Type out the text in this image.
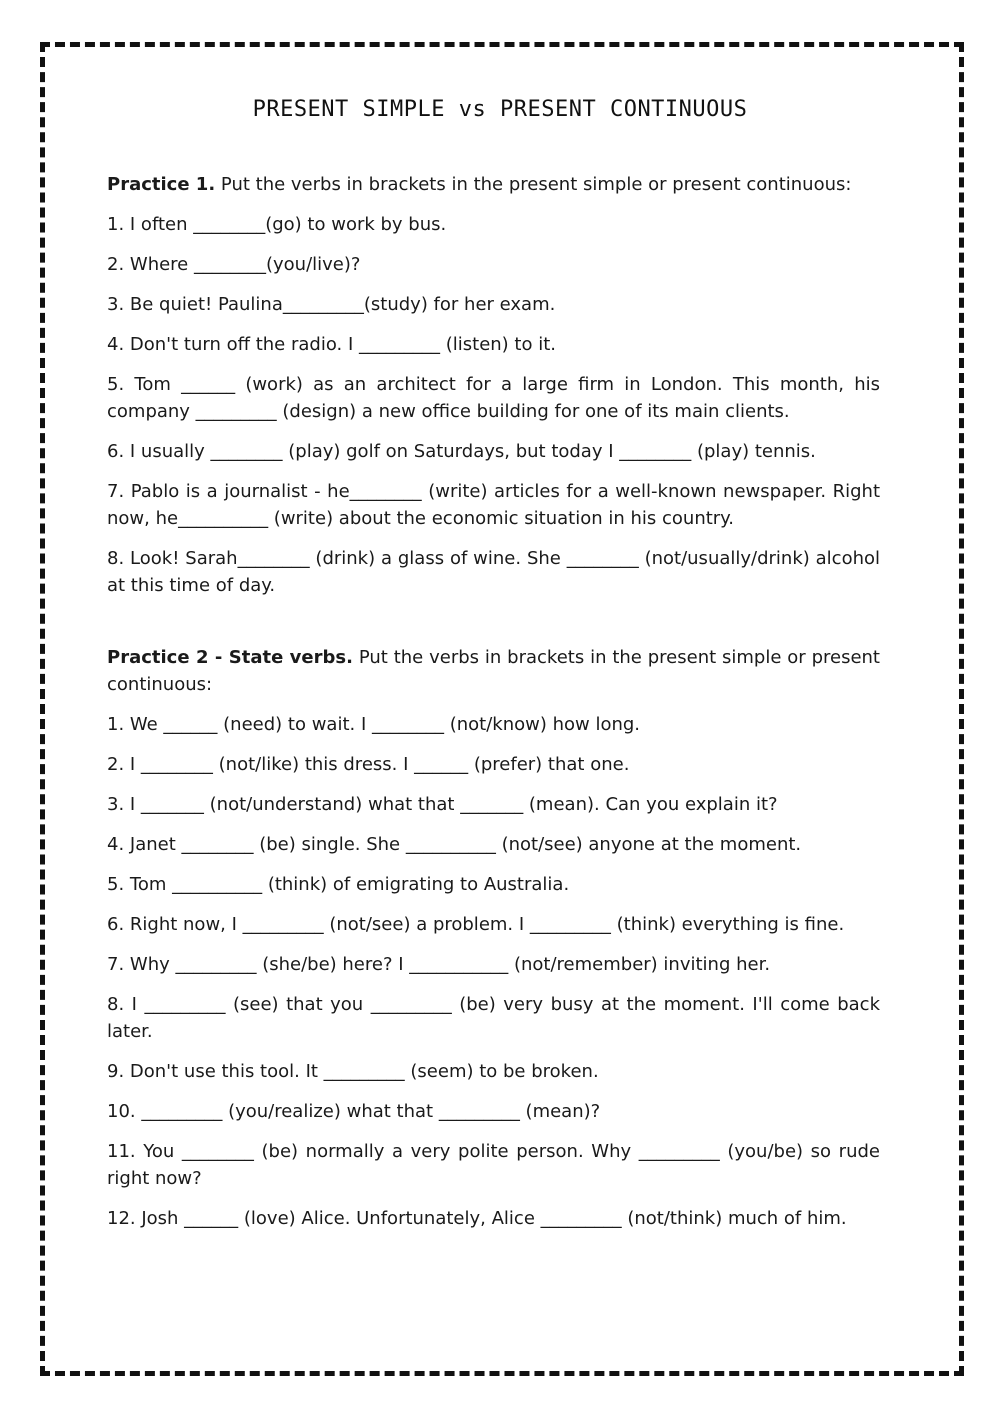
PRESENT SIMPLE vs PRESENT CONTINUOUS
Practice 1. Put the verbs in brackets in the present simple or present continuous:
1. I often ________(go) to work by bus.
2. Where ________(you/live)?
3. Be quiet! Paulina_________(study) for her exam.
4. Don't turn off the radio. I _________ (listen) to it.
5. Tom ______ (work) as an architect for a large firm in London. This month, his company _________ (design) a new office building for one of its main clients.
6. I usually ________ (play) golf on Saturdays, but today I ________ (play) tennis.
7. Pablo is a journalist - he________ (write) articles for a well-known newspaper. Right now, he__________ (write) about the economic situation in his country.
8. Look! Sarah________ (drink) a glass of wine. She ________ (not/usually/drink) alcohol at this time of day.
Practice 2 - State verbs. Put the verbs in brackets in the present simple or present continuous:
1. We ______ (need) to wait. I ________ (not/know) how long.
2. I ________ (not/like) this dress. I ______ (prefer) that one.
3. I _______ (not/understand) what that _______ (mean). Can you explain it?
4. Janet ________ (be) single. She __________ (not/see) anyone at the moment.
5. Tom __________ (think) of emigrating to Australia.
6. Right now, I _________ (not/see) a problem. I _________ (think) everything is fine.
7. Why _________ (she/be) here? I ___________ (not/remember) inviting her.
8. I _________ (see) that you _________ (be) very busy at the moment. I'll come back later.
9. Don't use this tool. It _________ (seem) to be broken.
10. _________ (you/realize) what that _________ (mean)?
11. You ________ (be) normally a very polite person. Why _________ (you/be) so rude right now?
12. Josh ______ (love) Alice. Unfortunately, Alice _________ (not/think) much of him.
